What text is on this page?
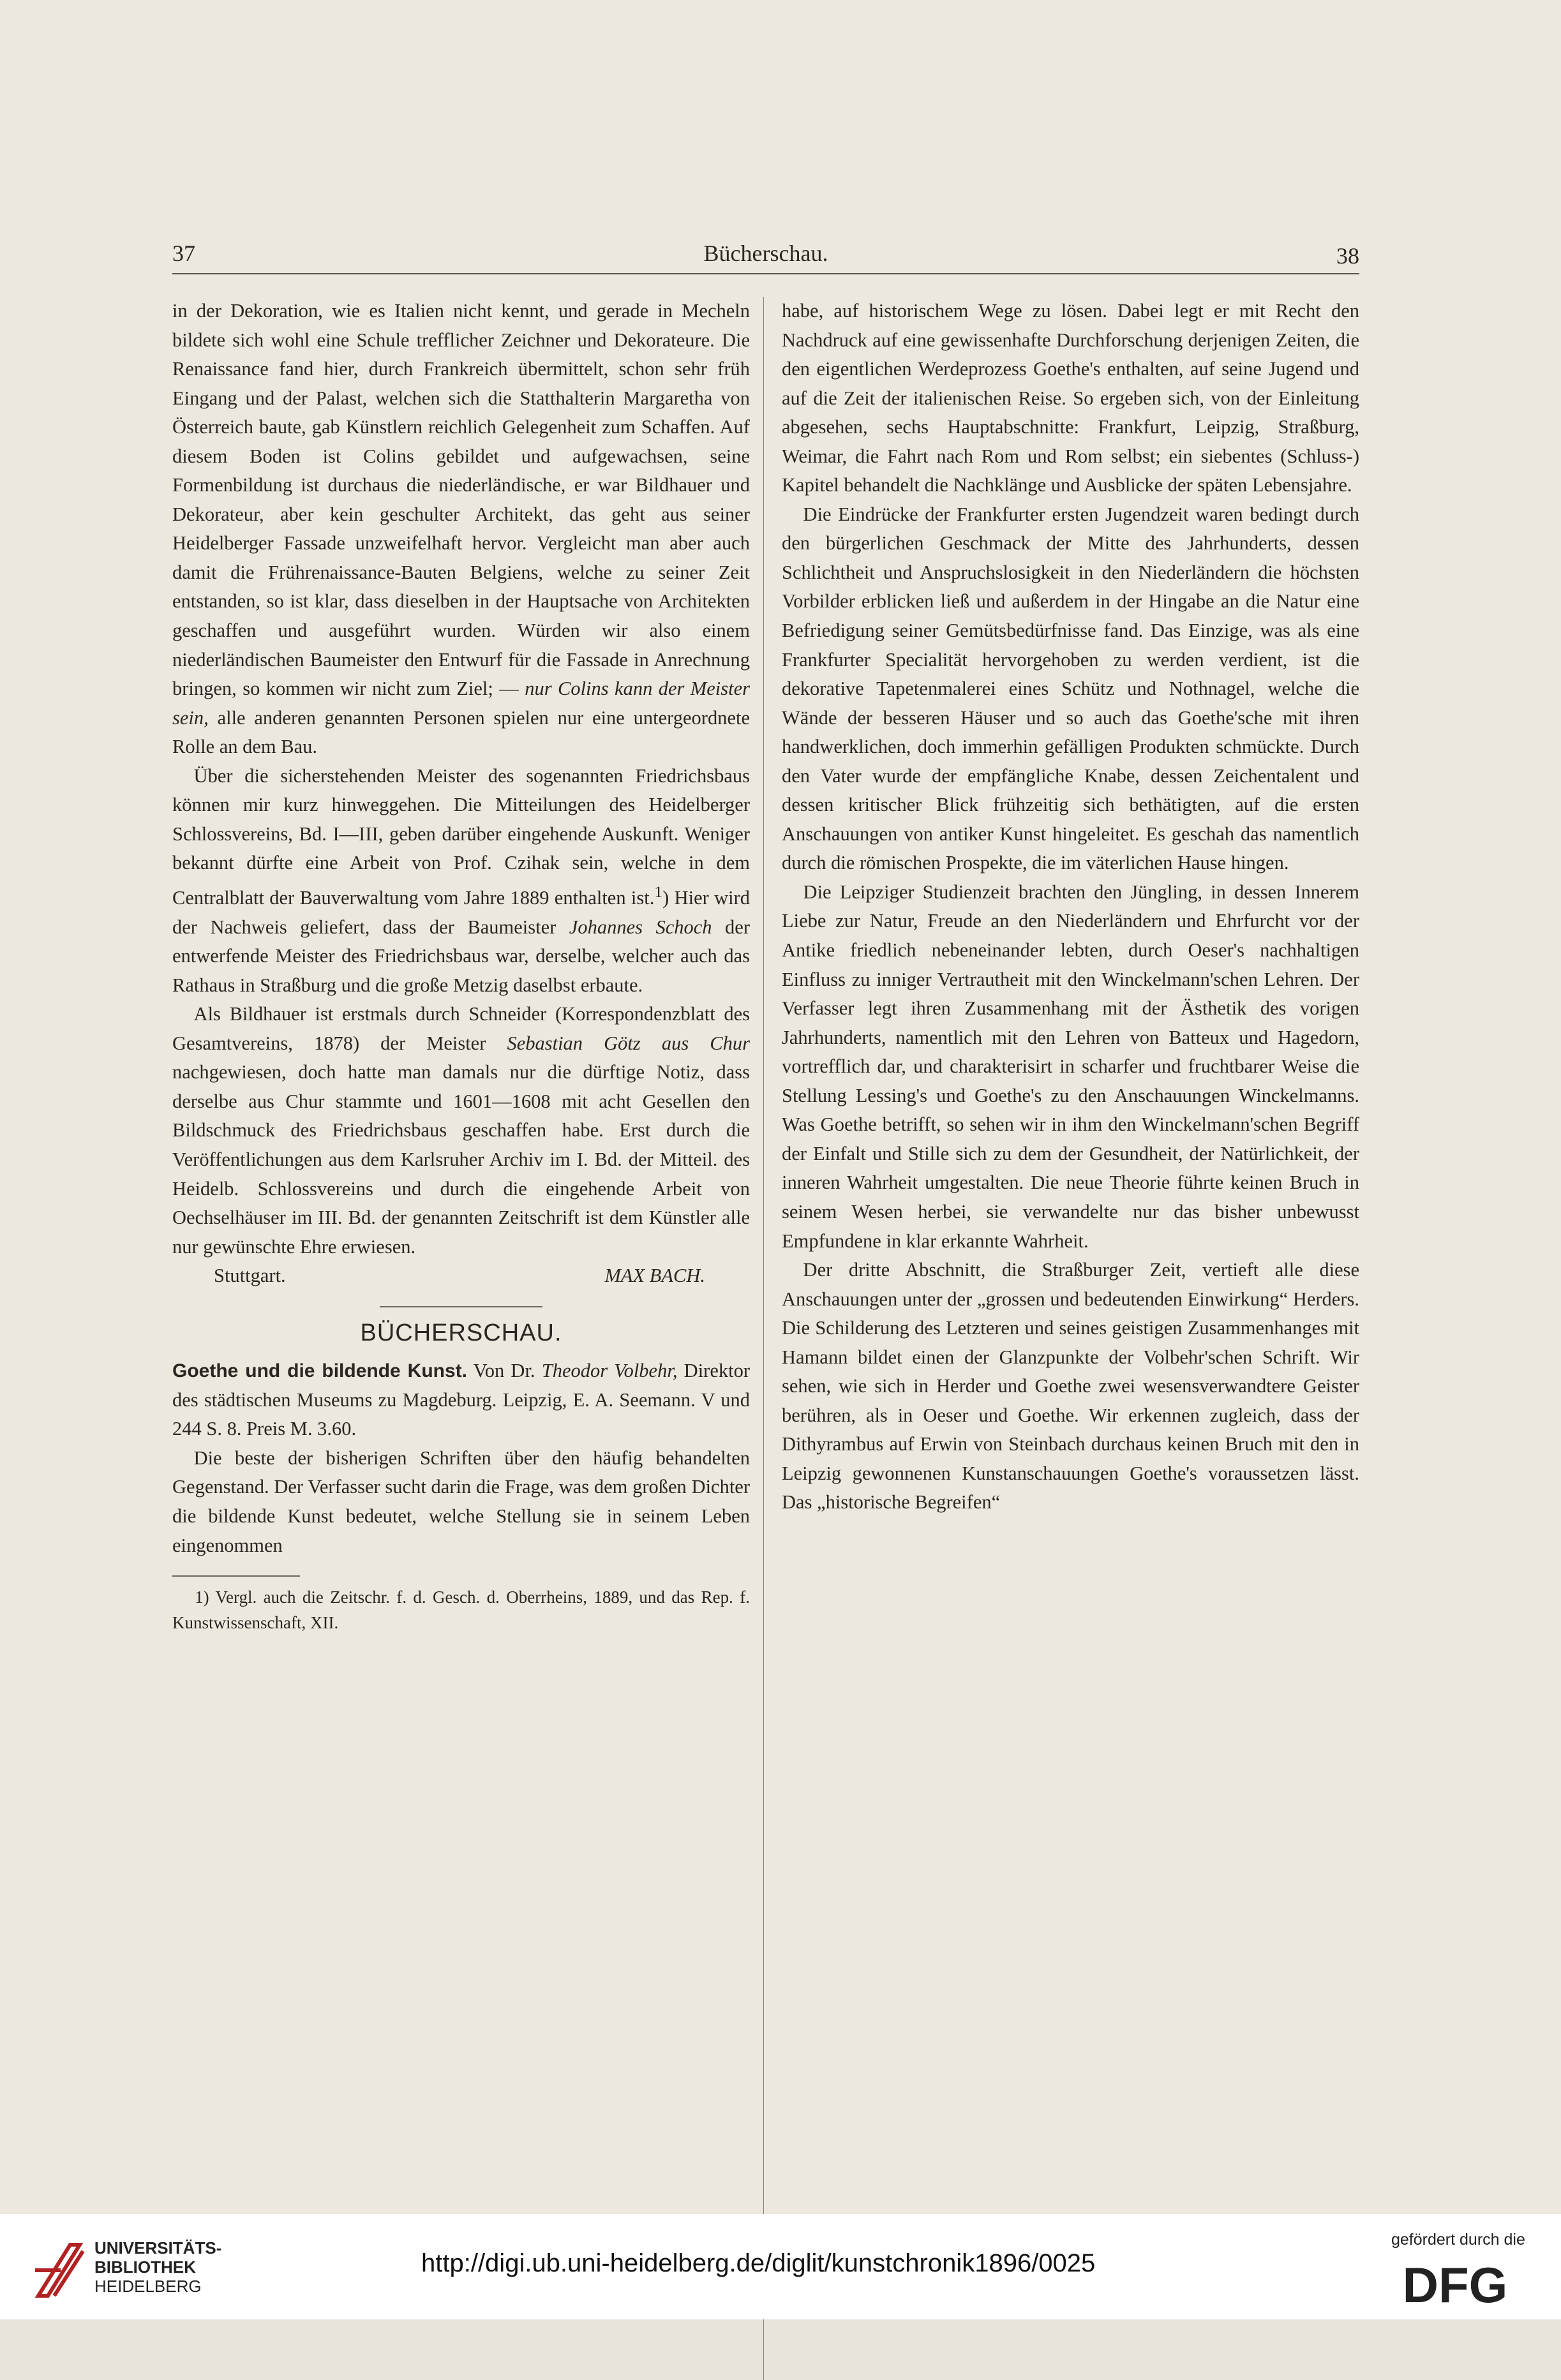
37	Bücherschau.	38

in der Dekoration, wie es Italien nicht kennt, und gerade in Mecheln bildete sich wohl eine Schule trefflicher Zeichner und Dekorateure. Die Renaissance fand hier, durch Frankreich übermittelt, schon sehr früh Eingang und der Palast, welchen sich die Statthalterin Margaretha von Österreich baute, gab Künstlern reichlich Gelegenheit zum Schaffen. Auf diesem Boden ist Colins gebildet und aufgewachsen, seine Formenbildung ist durchaus die niederländische, er war Bildhauer und Dekorateur, aber kein geschulter Architekt, das geht aus seiner Heidelberger Fassade unzweifelhaft hervor. Vergleicht man aber auch damit die Frührenaissance-Bauten Belgiens, welche zu seiner Zeit entstanden, so ist klar, dass dieselben in der Hauptsache von Architekten geschaffen und ausgeführt wurden. Würden wir also einem niederländischen Baumeister den Entwurf für die Fassade in Anrechnung bringen, so kommen wir nicht zum Ziel; — nur Colins kann der Meister sein, alle anderen genannten Personen spielen nur eine untergeordnete Rolle an dem Bau.

Über die sicherstehenden Meister des sogenannten Friedrichsbaus können mir kurz hinweggehen. Die Mitteilungen des Heidelberger Schlossvereins, Bd. I—III, geben darüber eingehende Auskunft. Weniger bekannt dürfte eine Arbeit von Prof. Czihak sein, welche in dem Centralblatt der Bauverwaltung vom Jahre 1889 enthalten ist.$^1$) Hier wird der Nachweis geliefert, dass der Baumeister Johannes Schoch der entwerfende Meister des Friedrichsbaus war, derselbe, welcher auch das Rathaus in Straßburg und die große Metzig daselbst erbaute.

Als Bildhauer ist erstmals durch Schneider (Korrespondenzblatt des Gesamtvereins, 1878) der Meister Sebastian Götz aus Chur nachgewiesen, doch hatte man damals nur die dürftige Notiz, dass derselbe aus Chur stammte und 1601—1608 mit acht Gesellen den Bildschmuck des Friedrichsbaus geschaffen habe. Erst durch die Veröffentlichungen aus dem Karlsruher Archiv im I. Bd. der Mitteil. des Heidelb. Schlossvereins und durch die eingehende Arbeit von Oechselhäuser im III. Bd. der genannten Zeitschrift ist dem Künstler alle nur gewünschte Ehre erwiesen.

Stuttgart.	MAX BACH.
BÜCHERSCHAU.

Goethe und die bildende Kunst. Von Dr. Theodor Volbehr, Direktor des städtischen Museums zu Magdeburg. Leipzig, E. A. Seemann. V und 244 S. 8. Preis M. 3.60.

Die beste der bisherigen Schriften über den häufig behandelten Gegenstand. Der Verfasser sucht darin die Frage, was dem großen Dichter die bildende Kunst bedeutet, welche Stellung sie in seinem Leben eingenommen

1) Vergl. auch die Zeitschr. f. d. Gesch. d. Oberrheins, 1889, und das Rep. f. Kunstwissenschaft, XII.

habe, auf historischem Wege zu lösen. Dabei legt er mit Recht den Nachdruck auf eine gewissenhafte Durchforschung derjenigen Zeiten, die den eigentlichen Werdeprozess Goethe's enthalten, auf seine Jugend und auf die Zeit der italienischen Reise. So ergeben sich, von der Einleitung abgesehen, sechs Hauptabschnitte: Frankfurt, Leipzig, Straßburg, Weimar, die Fahrt nach Rom und Rom selbst; ein siebentes (Schluss-) Kapitel behandelt die Nachklänge und Ausblicke der späten Lebensjahre.

Die Eindrücke der Frankfurter ersten Jugendzeit waren bedingt durch den bürgerlichen Geschmack der Mitte des Jahrhunderts, dessen Schlichtheit und Anspruchslosigkeit in den Niederländern die höchsten Vorbilder erblicken ließ und außerdem in der Hingabe an die Natur eine Befriedigung seiner Gemütsbedürfnisse fand. Das Einzige, was als eine Frankfurter Specialität hervorgehoben zu werden verdient, ist die dekorative Tapetenmalerei eines Schütz und Nothnagel, welche die Wände der besseren Häuser und so auch das Goethe'sche mit ihren handwerklichen, doch immerhin gefälligen Produkten schmückte. Durch den Vater wurde der empfängliche Knabe, dessen Zeichentalent und dessen kritischer Blick frühzeitig sich bethätigten, auf die ersten Anschauungen von antiker Kunst hingeleitet. Es geschah das namentlich durch die römischen Prospekte, die im väterlichen Hause hingen.

Die Leipziger Studienzeit brachten den Jüngling, in dessen Innerem Liebe zur Natur, Freude an den Niederländern und Ehrfurcht vor der Antike friedlich nebeneinander lebten, durch Oeser's nachhaltigen Einfluss zu inniger Vertrautheit mit den Winckelmann'schen Lehren. Der Verfasser legt ihren Zusammenhang mit der Ästhetik des vorigen Jahrhunderts, namentlich mit den Lehren von Batteux und Hagedorn, vortrefflich dar, und charakterisirt in scharfer und fruchtbarer Weise die Stellung Lessing's und Goethe's zu den Anschauungen Winckelmanns. Was Goethe betrifft, so sehen wir in ihm den Winckelmann'schen Begriff der Einfalt und Stille sich zu dem der Gesundheit, der Natürlichkeit, der inneren Wahrheit umgestalten. Die neue Theorie führte keinen Bruch in seinem Wesen herbei, sie verwandelte nur das bisher unbewusst Empfundene in klar erkannte Wahrheit.

Der dritte Abschnitt, die Straßburger Zeit, vertieft alle diese Anschauungen unter der „grossen und bedeutenden Einwirkung“ Herders. Die Schilderung des Letzteren und seines geistigen Zusammenhanges mit Hamann bildet einen der Glanzpunkte der Volbehr'schen Schrift. Wir sehen, wie sich in Herder und Goethe zwei wesensverwandtere Geister berühren, als in Oeser und Goethe. Wir erkennen zugleich, dass der Dithyrambus auf Erwin von Steinbach durchaus keinen Bruch mit den in Leipzig gewonnenen Kunstanschauungen Goethe's voraussetzen lässt. Das „historische Begreifen“

UNIVERSITÄTS-
BIBLIOTHEK
HEIDELBERG
http://digi.ub.uni-heidelberg.de/diglit/kunstchronik1896/0025
gefördert durch die
DFG
